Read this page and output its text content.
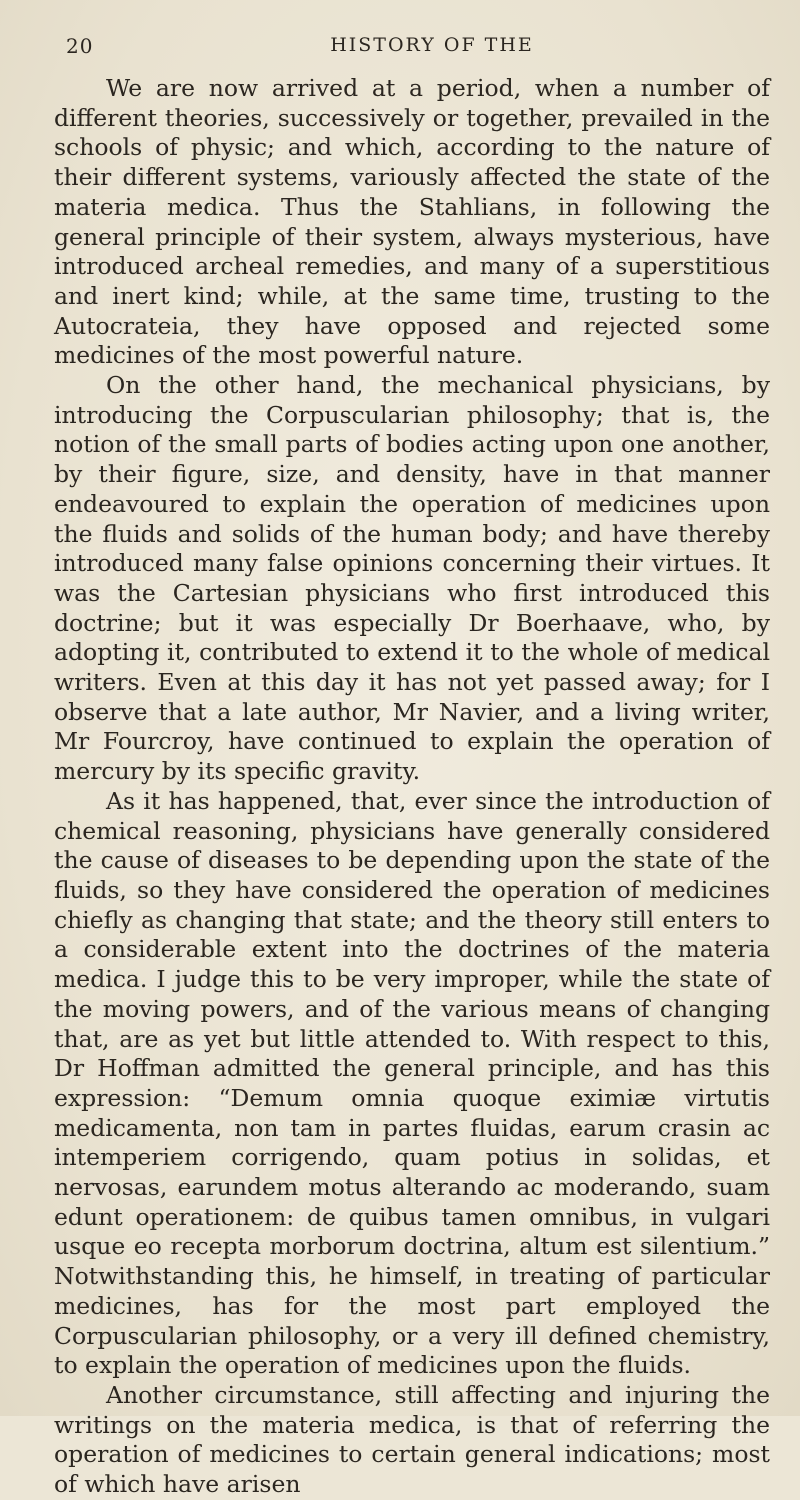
20	HISTORY OF THE

We are now arrived at a period, when a number of different theories, successively or together, prevailed in the schools of physic; and which, according to the nature of their different systems, variously affected the state of the materia medica. Thus the Stahlians, in following the general principle of their system, always mysterious, have introduced archeal remedies, and many of a superstitious and inert kind; while, at the same time, trusting to the Autocrateia, they have opposed and rejected some medicines of the most powerful nature.

On the other hand, the mechanical physicians, by introducing the Corpuscularian philosophy; that is, the notion of the small parts of bodies acting upon one another, by their figure, size, and density, have in that manner endeavoured to explain the operation of medicines upon the fluids and solids of the human body; and have thereby introduced many false opinions concerning their virtues. It was the Cartesian physicians who first introduced this doctrine; but it was especially Dr Boerhaave, who, by adopting it, contributed to extend it to the whole of medical writers. Even at this day it has not yet passed away; for I observe that a late author, Mr Navier, and a living writer, Mr Fourcroy, have continued to explain the operation of mercury by its specific gravity.

As it has happened, that, ever since the introduction of chemical reasoning, physicians have generally considered the cause of diseases to be depending upon the state of the fluids, so they have considered the operation of medicines chiefly as changing that state; and the theory still enters to a considerable extent into the doctrines of the materia medica. I judge this to be very improper, while the state of the moving powers, and of the various means of changing that, are as yet but little attended to. With respect to this, Dr Hoffman admitted the general principle, and has this expression: “Demum omnia quoque eximiæ virtutis medicamenta, non tam in partes fluidas, earum crasin ac intemperiem corrigendo, quam potius in solidas, et nervosas, earundem motus alterando ac moderando, suam edunt operationem: de quibus tamen omnibus, in vulgari usque eo recepta morborum doctrina, altum est silentium.” Notwithstanding this, he himself, in treating of particular medicines, has for the most part employed the Corpuscularian philosophy, or a very ill defined chemistry, to explain the operation of medicines upon the fluids.

Another circumstance, still affecting and injuring the writings on the materia medica, is that of referring the operation of medicines to certain general indications; most of which have arisen
